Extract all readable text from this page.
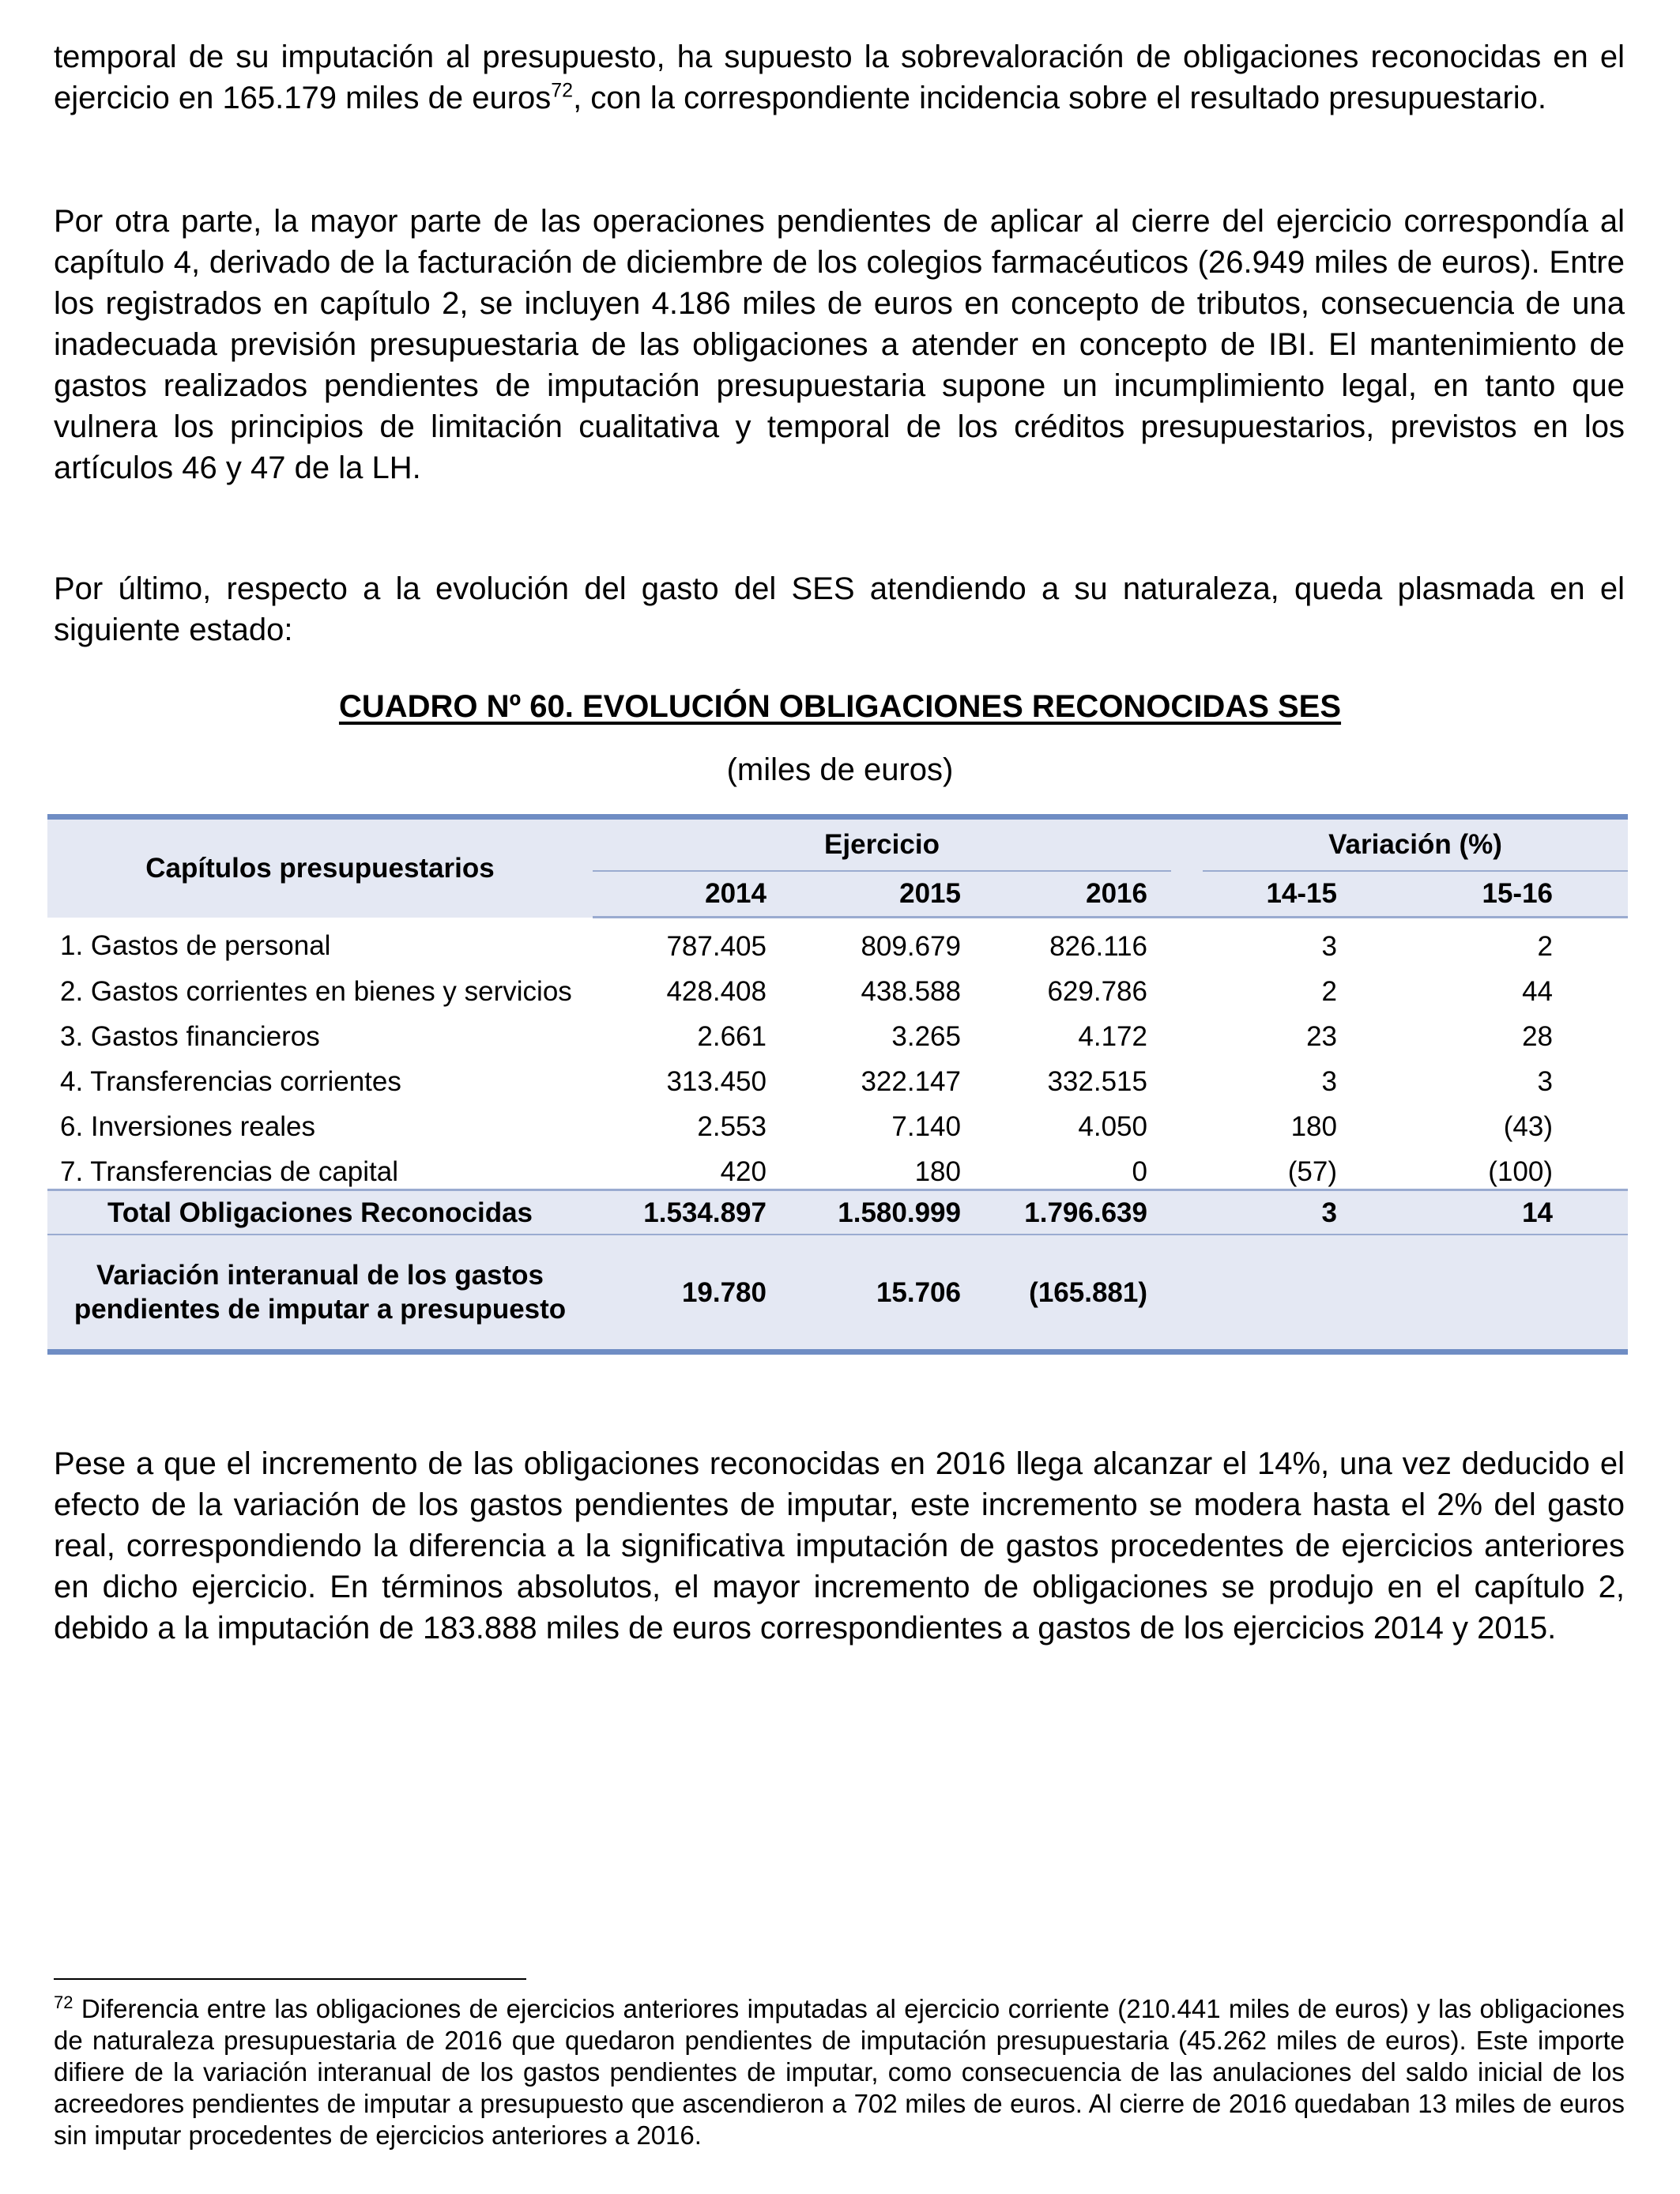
temporal de su imputación al presupuesto, ha supuesto la sobrevaloración de obligaciones reconocidas en el ejercicio en 165.179 miles de euros$^{72}$, con la correspondiente incidencia sobre el resultado presupuestario.

Por otra parte, la mayor parte de las operaciones pendientes de aplicar al cierre del ejercicio correspondía al capítulo 4, derivado de la facturación de diciembre de los colegios farmacéuticos (26.949 miles de euros). Entre los registrados en capítulo 2, se incluyen 4.186 miles de euros en concepto de tributos, consecuencia de una inadecuada previsión presupuestaria de las obligaciones a atender en concepto de IBI. El mantenimiento de gastos realizados pendientes de imputación presupuestaria supone un incumplimiento legal, en tanto que vulnera los principios de limitación cualitativa y temporal de los créditos presupuestarios, previstos en los artículos 46 y 47 de la LH.

Por último, respecto a la evolución del gasto del SES atendiendo a su naturaleza, queda plasmada en el siguiente estado:

CUADRO Nº 60. EVOLUCIÓN OBLIGACIONES RECONOCIDAS SES

(miles de euros)

Capítulos presupuestarios	Ejercicio				Variación (%)	
	2014	2015	2016		14-15	15-16
1. Gastos de personal	787.405	809.679	826.116		3	2
2. Gastos corrientes en bienes y servicios	428.408	438.588	629.786		2	44
3. Gastos financieros	2.661	3.265	4.172		23	28
4. Transferencias corrientes	313.450	322.147	332.515		3	3
6. Inversiones reales	2.553	7.140	4.050		180	(43)
7. Transferencias de capital	420	180	0		(57)	(100)
Total Obligaciones Reconocidas	1.534.897	1.580.999	1.796.639		3	14
Variación interanual de los gastos pendientes de imputar a presupuesto	19.780	15.706	(165.881)			

Pese a que el incremento de las obligaciones reconocidas en 2016 llega alcanzar el 14%, una vez deducido el efecto de la variación de los gastos pendientes de imputar, este incremento se modera hasta el 2% del gasto real, correspondiendo la diferencia a la significativa imputación de gastos procedentes de ejercicios anteriores en dicho ejercicio. En términos absolutos, el mayor incremento de obligaciones se produjo en el capítulo 2, debido a la imputación de 183.888 miles de euros correspondientes a gastos de los ejercicios 2014 y 2015.

$^{72}$ Diferencia entre las obligaciones de ejercicios anteriores imputadas al ejercicio corriente (210.441 miles de euros) y las obligaciones de naturaleza presupuestaria de 2016 que quedaron pendientes de imputación presupuestaria (45.262 miles de euros). Este importe difiere de la variación interanual de los gastos pendientes de imputar, como consecuencia de las anulaciones del saldo inicial de los acreedores pendientes de imputar a presupuesto que ascendieron a 702 miles de euros. Al cierre de 2016 quedaban 13 miles de euros sin imputar procedentes de ejercicios anteriores a 2016.
